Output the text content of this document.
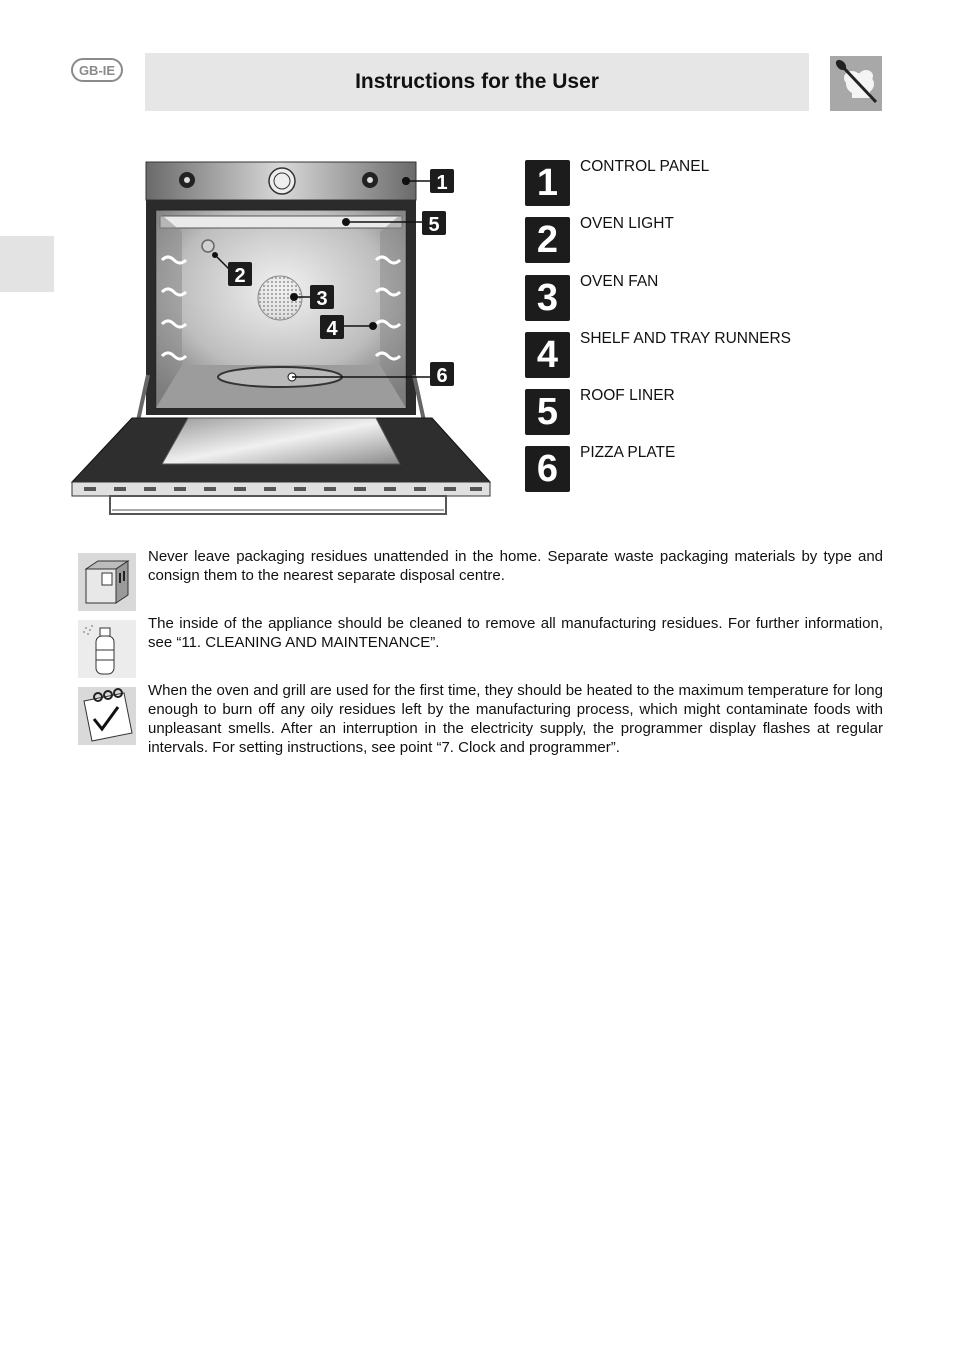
GB-IE	Instructions for the User
1
5
2
3
4
6
1	CONTROL PANEL
2	OVEN LIGHT
3	OVEN FAN
4	SHELF AND TRAY RUNNERS
5	ROOF LINER
6	PIZZA PLATE

Never leave packaging residues unattended in the home. Separate waste packaging materials by type and consign them to the nearest separate disposal centre.

The inside of the appliance should be cleaned to remove all manufacturing residues. For further information, see “11. CLEANING AND MAINTENANCE”.

When the oven and grill are used for the first time, they should be heated to the maximum temperature for long enough to burn off any oily residues left by the manufacturing process, which might contaminate foods with unpleasant smells. After an interruption in the electricity supply, the programmer display flashes at regular intervals. For setting instructions, see point “7. Clock and programmer”.
